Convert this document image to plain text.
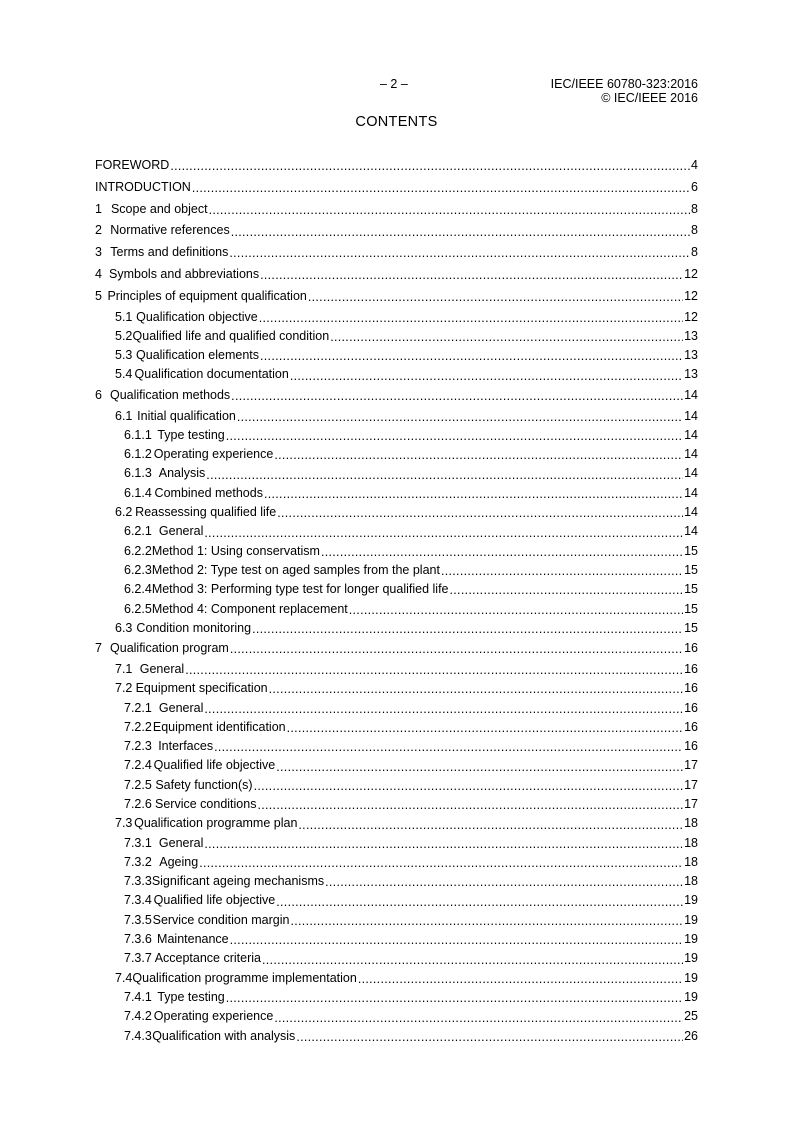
– 2 –	IEC/IEEE 60780-323:2016
© IEC/IEEE 2016
CONTENTS
FOREWORD .....	4
INTRODUCTION .....	6
1 Scope and object .....	8
2 Normative references .....	8
3 Terms and definitions .....	8
4 Symbols and abbreviations .....	12
5 Principles of equipment qualification .....	12
5.1 Qualification objective .....	12
5.2 Qualified life and qualified condition .....	13
5.3 Qualification elements .....	13
5.4 Qualification documentation .....	13
6 Qualification methods .....	14
6.1 Initial qualification .....	14
6.1.1 Type testing .....	14
6.1.2 Operating experience .....	14
6.1.3 Analysis .....	14
6.1.4 Combined methods .....	14
6.2 Reassessing qualified life .....	14
6.2.1 General .....	14
6.2.2 Method 1: Using conservatism .....	15
6.2.3 Method 2: Type test on aged samples from the plant .....	15
6.2.4 Method 3: Performing type test for longer qualified life .....	15
6.2.5 Method 4: Component replacement .....	15
6.3 Condition monitoring .....	15
7 Qualification program .....	16
7.1 General .....	16
7.2 Equipment specification .....	16
7.2.1 General .....	16
7.2.2 Equipment identification .....	16
7.2.3 Interfaces .....	16
7.2.4 Qualified life objective .....	17
7.2.5 Safety function(s) .....	17
7.2.6 Service conditions .....	17
7.3 Qualification programme plan .....	18
7.3.1 General .....	18
7.3.2 Ageing .....	18
7.3.3 Significant ageing mechanisms .....	18
7.3.4 Qualified life objective .....	19
7.3.5 Service condition margin .....	19
7.3.6 Maintenance .....	19
7.3.7 Acceptance criteria .....	19
7.4 Qualification programme implementation .....	19
7.4.1 Type testing .....	19
7.4.2 Operating experience .....	25
7.4.3 Qualification with analysis .....	26
